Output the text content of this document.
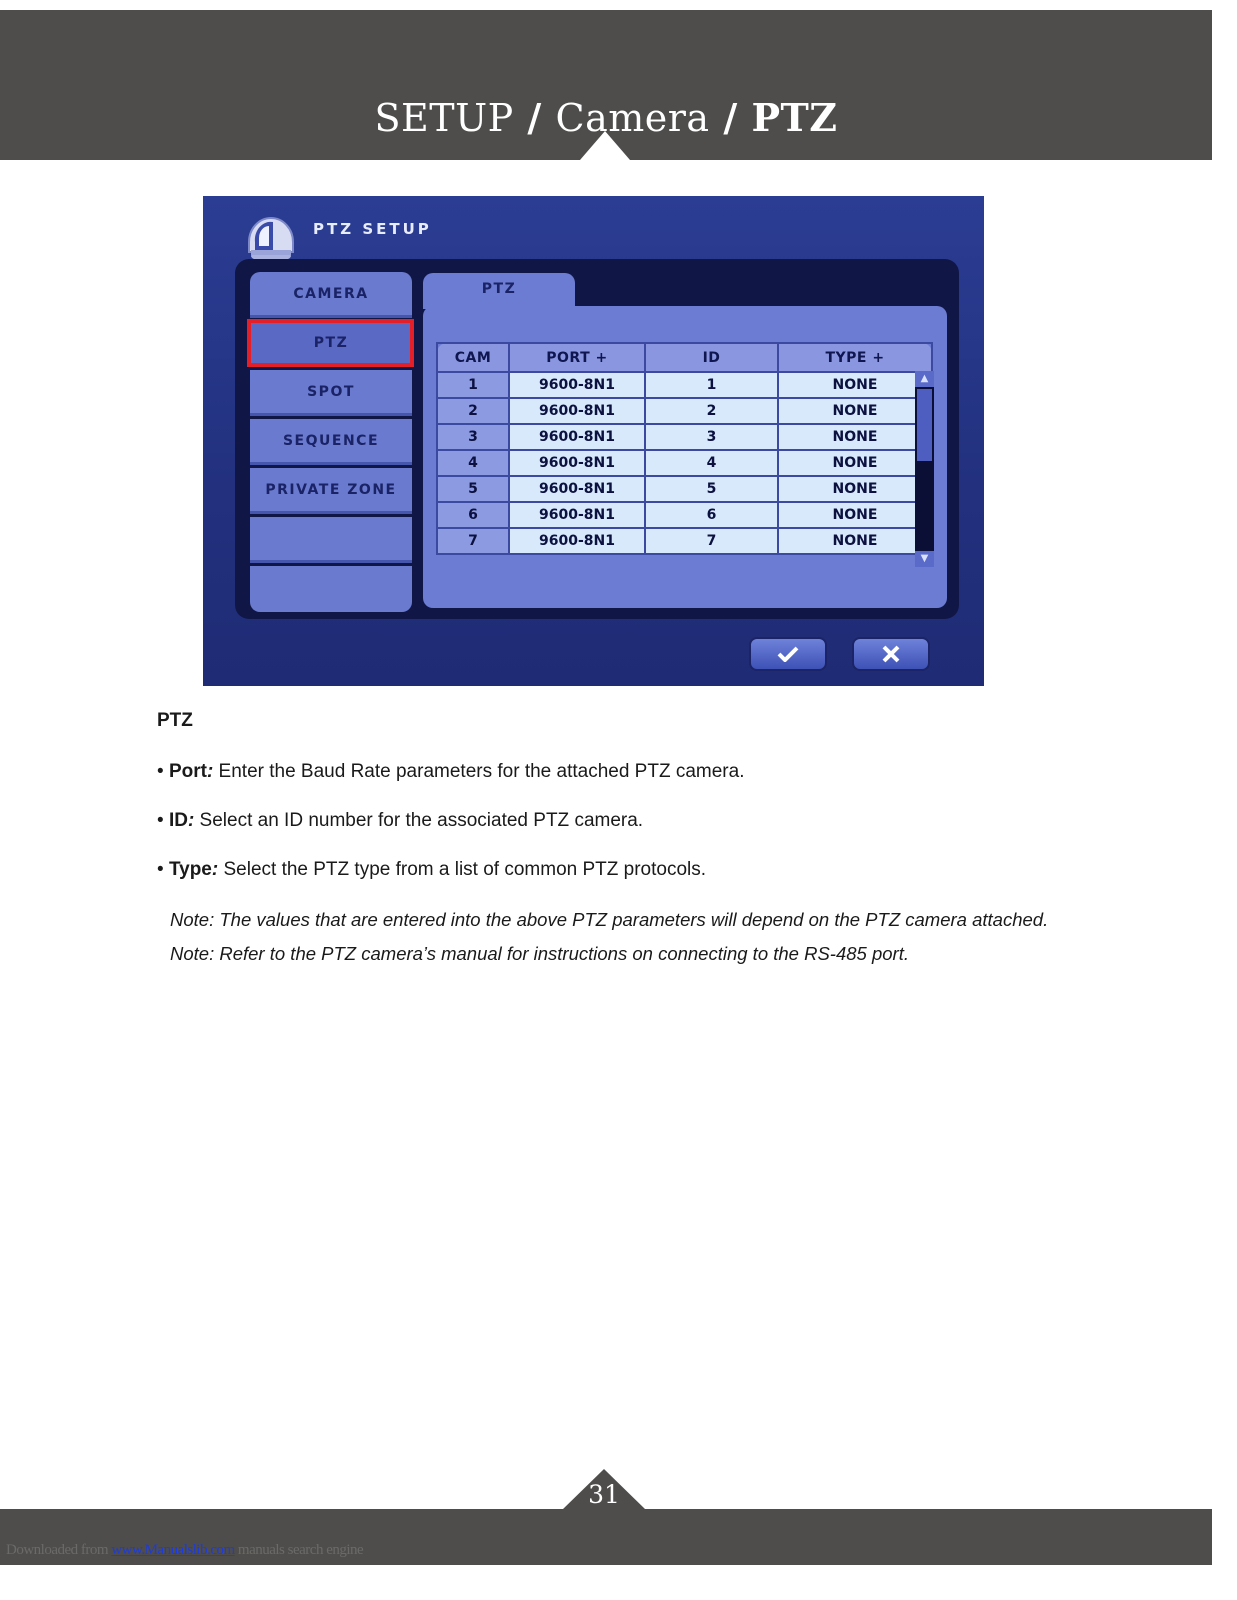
SETUP / Camera / PTZ
PTZ SETUP
CAMERA
PTZ
SPOT
SEQUENCE
PRIVATE ZONE
PTZ
CAM	PORT +	ID	TYPE +
1	9600-8N1	1	NONE
2	9600-8N1	2	NONE
3	9600-8N1	3	NONE
4	9600-8N1	4	NONE
5	9600-8N1	5	NONE
6	9600-8N1	6	NONE
7	9600-8N1	7	NONE
▲
▼
PTZ
• Port: Enter the Baud Rate parameters for the attached PTZ camera.
• ID: Select an ID number for the associated PTZ camera.
• Type: Select the PTZ type from a list of common PTZ protocols.
Note: The values that are entered into the above PTZ parameters will depend on the PTZ camera attached.
Note: Refer to the PTZ camera’s manual for instructions on connecting to the RS-485 port.
31
Downloaded from www.Manualslib.com manuals search engine
